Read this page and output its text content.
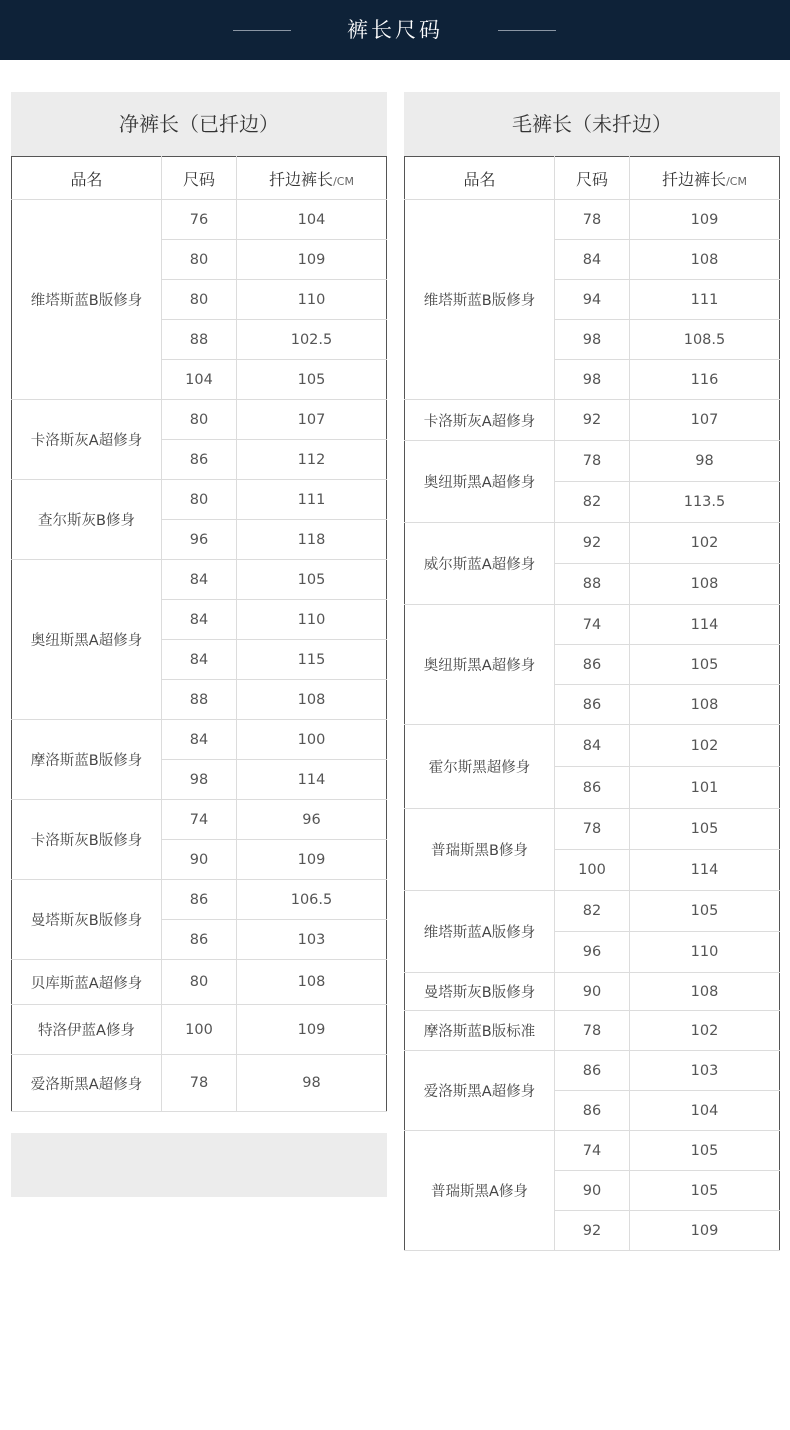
裤长尺码
净裤长（已扦边）
品名	尺码	扦边裤长/CM
维塔斯蓝B版修身	76	104
	80	109
	80	110
	88	102.5
	104	105
卡洛斯灰A超修身	80	107
	86	112
查尔斯灰B修身	80	111
	96	118
奥纽斯黑A超修身	84	105
	84	110
	84	115
	88	108
摩洛斯蓝B版修身	84	100
	98	114
卡洛斯灰B版修身	74	96
	90	109
曼塔斯灰B版修身	86	106.5
	86	103
贝库斯蓝A超修身	80	108
特洛伊蓝A修身	100	109
爱洛斯黑A超修身	78	98
毛裤长（未扦边）
品名	尺码	扦边裤长/CM
维塔斯蓝B版修身	78	109
	84	108
	94	111
	98	108.5
	98	116
卡洛斯灰A超修身	92	107
奥纽斯黑A超修身	78	98
	82	113.5
威尔斯蓝A超修身	92	102
	88	108
奥纽斯黑A超修身	74	114
	86	105
	86	108
霍尔斯黑超修身	84	102
	86	101
普瑞斯黑B修身	78	105
	100	114
维塔斯蓝A版修身	82	105
	96	110
曼塔斯灰B版修身	90	108
摩洛斯蓝B版标准	78	102
爱洛斯黑A超修身	86	103
	86	104
普瑞斯黑A修身	74	105
	90	105
	92	109
